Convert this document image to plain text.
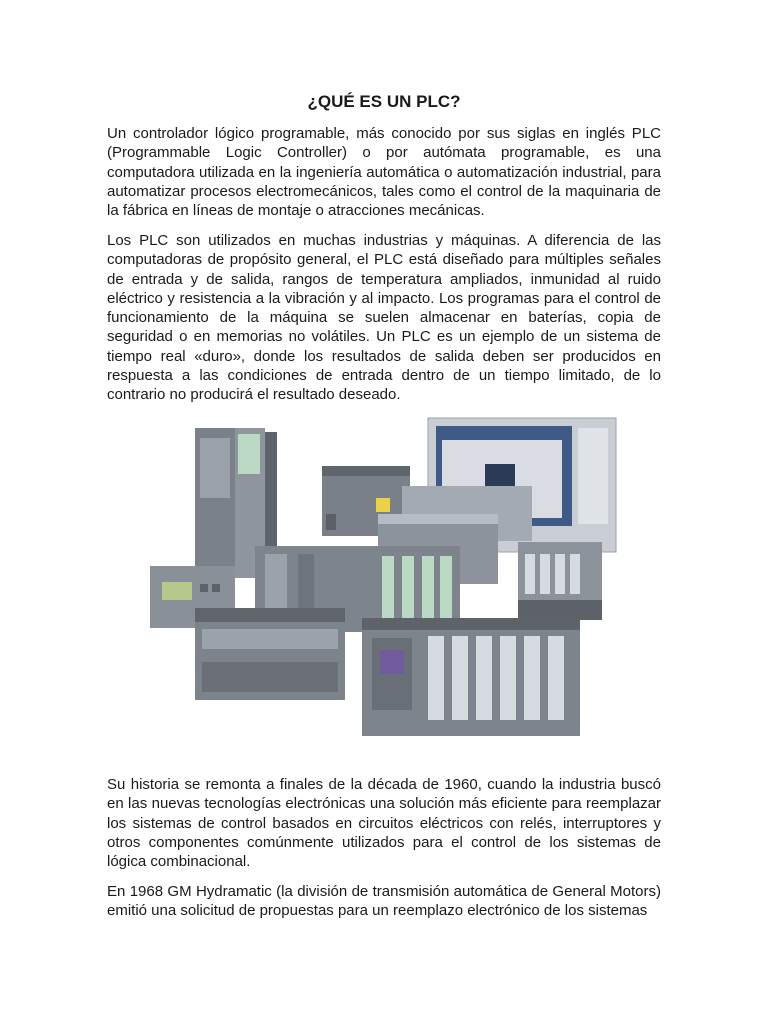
¿QUÉ ES UN PLC?

Un controlador lógico programable, más conocido por sus siglas en inglés PLC (Programmable Logic Controller) o por autómata programable, es una computadora utilizada en la ingeniería automática o automatización industrial, para automatizar procesos electromecánicos, tales como el control de la maquinaria de la fábrica en líneas de montaje o atracciones mecánicas.

Los PLC son utilizados en muchas industrias y máquinas. A diferencia de las computadoras de propósito general, el PLC está diseñado para múltiples señales de entrada y de salida, rangos de temperatura ampliados, inmunidad al ruido eléctrico y resistencia a la vibración y al impacto. Los programas para el control de funcionamiento de la máquina se suelen almacenar en baterías, copia de seguridad o en memorias no volátiles. Un PLC es un ejemplo de un sistema de tiempo real «duro», donde los resultados de salida deben ser producidos en respuesta a las condiciones de entrada dentro de un tiempo limitado, de lo contrario no producirá el resultado deseado.

Su historia se remonta a finales de la década de 1960, cuando la industria buscó en las nuevas tecnologías electrónicas una solución más eficiente para reemplazar los sistemas de control basados en circuitos eléctricos con relés, interruptores y otros componentes comúnmente utilizados para el control de los sistemas de lógica combinacional.

En 1968 GM Hydramatic (la división de transmisión automática de General Motors) emitió una solicitud de propuestas para un reemplazo electrónico de los sistemas
